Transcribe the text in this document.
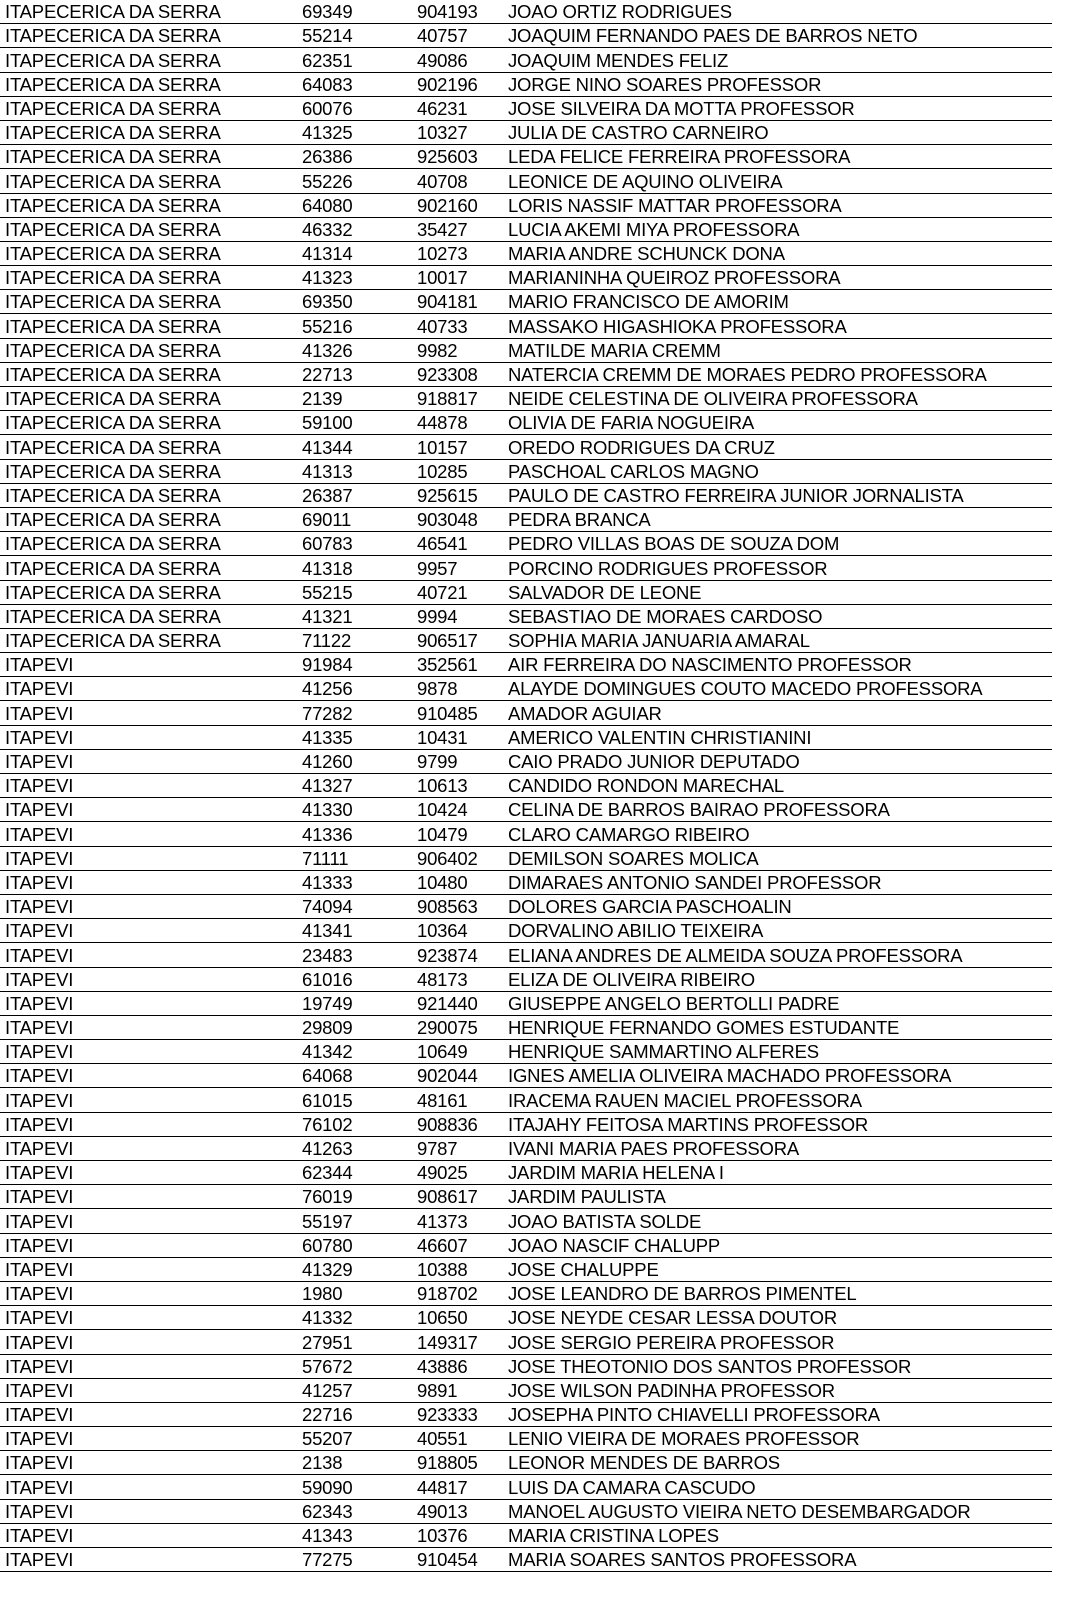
ITAPECERICA DA SERRA	69349	904193	JOAO ORTIZ RODRIGUES
ITAPECERICA DA SERRA	55214	40757	JOAQUIM FERNANDO PAES DE BARROS NETO
ITAPECERICA DA SERRA	62351	49086	JOAQUIM MENDES FELIZ
ITAPECERICA DA SERRA	64083	902196	JORGE NINO SOARES PROFESSOR
ITAPECERICA DA SERRA	60076	46231	JOSE SILVEIRA DA MOTTA PROFESSOR
ITAPECERICA DA SERRA	41325	10327	JULIA DE CASTRO CARNEIRO
ITAPECERICA DA SERRA	26386	925603	LEDA FELICE FERREIRA PROFESSORA
ITAPECERICA DA SERRA	55226	40708	LEONICE DE AQUINO OLIVEIRA
ITAPECERICA DA SERRA	64080	902160	LORIS NASSIF MATTAR PROFESSORA
ITAPECERICA DA SERRA	46332	35427	LUCIA AKEMI MIYA PROFESSORA
ITAPECERICA DA SERRA	41314	10273	MARIA ANDRE SCHUNCK DONA
ITAPECERICA DA SERRA	41323	10017	MARIANINHA QUEIROZ PROFESSORA
ITAPECERICA DA SERRA	69350	904181	MARIO FRANCISCO DE AMORIM
ITAPECERICA DA SERRA	55216	40733	MASSAKO HIGASHIOKA PROFESSORA
ITAPECERICA DA SERRA	41326	9982	MATILDE MARIA CREMM
ITAPECERICA DA SERRA	22713	923308	NATERCIA CREMM DE MORAES PEDRO PROFESSORA
ITAPECERICA DA SERRA	2139	918817	NEIDE CELESTINA DE OLIVEIRA PROFESSORA
ITAPECERICA DA SERRA	59100	44878	OLIVIA DE FARIA NOGUEIRA
ITAPECERICA DA SERRA	41344	10157	OREDO RODRIGUES DA CRUZ
ITAPECERICA DA SERRA	41313	10285	PASCHOAL CARLOS MAGNO
ITAPECERICA DA SERRA	26387	925615	PAULO DE CASTRO FERREIRA JUNIOR JORNALISTA
ITAPECERICA DA SERRA	69011	903048	PEDRA BRANCA
ITAPECERICA DA SERRA	60783	46541	PEDRO VILLAS BOAS DE SOUZA DOM
ITAPECERICA DA SERRA	41318	9957	PORCINO RODRIGUES PROFESSOR
ITAPECERICA DA SERRA	55215	40721	SALVADOR DE LEONE
ITAPECERICA DA SERRA	41321	9994	SEBASTIAO DE MORAES CARDOSO
ITAPECERICA DA SERRA	71122	906517	SOPHIA MARIA JANUARIA AMARAL
ITAPEVI	91984	352561	AIR FERREIRA DO NASCIMENTO PROFESSOR
ITAPEVI	41256	9878	ALAYDE DOMINGUES COUTO MACEDO PROFESSORA
ITAPEVI	77282	910485	AMADOR AGUIAR
ITAPEVI	41335	10431	AMERICO VALENTIN CHRISTIANINI
ITAPEVI	41260	9799	CAIO PRADO JUNIOR DEPUTADO
ITAPEVI	41327	10613	CANDIDO RONDON MARECHAL
ITAPEVI	41330	10424	CELINA DE BARROS BAIRAO PROFESSORA
ITAPEVI	41336	10479	CLARO CAMARGO RIBEIRO
ITAPEVI	71111	906402	DEMILSON SOARES MOLICA
ITAPEVI	41333	10480	DIMARAES ANTONIO SANDEI PROFESSOR
ITAPEVI	74094	908563	DOLORES GARCIA PASCHOALIN
ITAPEVI	41341	10364	DORVALINO ABILIO TEIXEIRA
ITAPEVI	23483	923874	ELIANA ANDRES DE ALMEIDA SOUZA PROFESSORA
ITAPEVI	61016	48173	ELIZA DE OLIVEIRA RIBEIRO
ITAPEVI	19749	921440	GIUSEPPE ANGELO BERTOLLI PADRE
ITAPEVI	29809	290075	HENRIQUE FERNANDO GOMES ESTUDANTE
ITAPEVI	41342	10649	HENRIQUE SAMMARTINO ALFERES
ITAPEVI	64068	902044	IGNES AMELIA OLIVEIRA MACHADO PROFESSORA
ITAPEVI	61015	48161	IRACEMA RAUEN MACIEL PROFESSORA
ITAPEVI	76102	908836	ITAJAHY FEITOSA MARTINS PROFESSOR
ITAPEVI	41263	9787	IVANI MARIA PAES PROFESSORA
ITAPEVI	62344	49025	JARDIM MARIA HELENA I
ITAPEVI	76019	908617	JARDIM PAULISTA
ITAPEVI	55197	41373	JOAO BATISTA SOLDE
ITAPEVI	60780	46607	JOAO NASCIF CHALUPP
ITAPEVI	41329	10388	JOSE CHALUPPE
ITAPEVI	1980	918702	JOSE LEANDRO DE BARROS PIMENTEL
ITAPEVI	41332	10650	JOSE NEYDE CESAR LESSA DOUTOR
ITAPEVI	27951	149317	JOSE SERGIO PEREIRA PROFESSOR
ITAPEVI	57672	43886	JOSE THEOTONIO DOS SANTOS PROFESSOR
ITAPEVI	41257	9891	JOSE WILSON PADINHA PROFESSOR
ITAPEVI	22716	923333	JOSEPHA PINTO CHIAVELLI PROFESSORA
ITAPEVI	55207	40551	LENIO VIEIRA DE MORAES PROFESSOR
ITAPEVI	2138	918805	LEONOR MENDES DE BARROS
ITAPEVI	59090	44817	LUIS DA CAMARA CASCUDO
ITAPEVI	62343	49013	MANOEL AUGUSTO VIEIRA NETO DESEMBARGADOR
ITAPEVI	41343	10376	MARIA CRISTINA LOPES
ITAPEVI	77275	910454	MARIA SOARES SANTOS PROFESSORA
